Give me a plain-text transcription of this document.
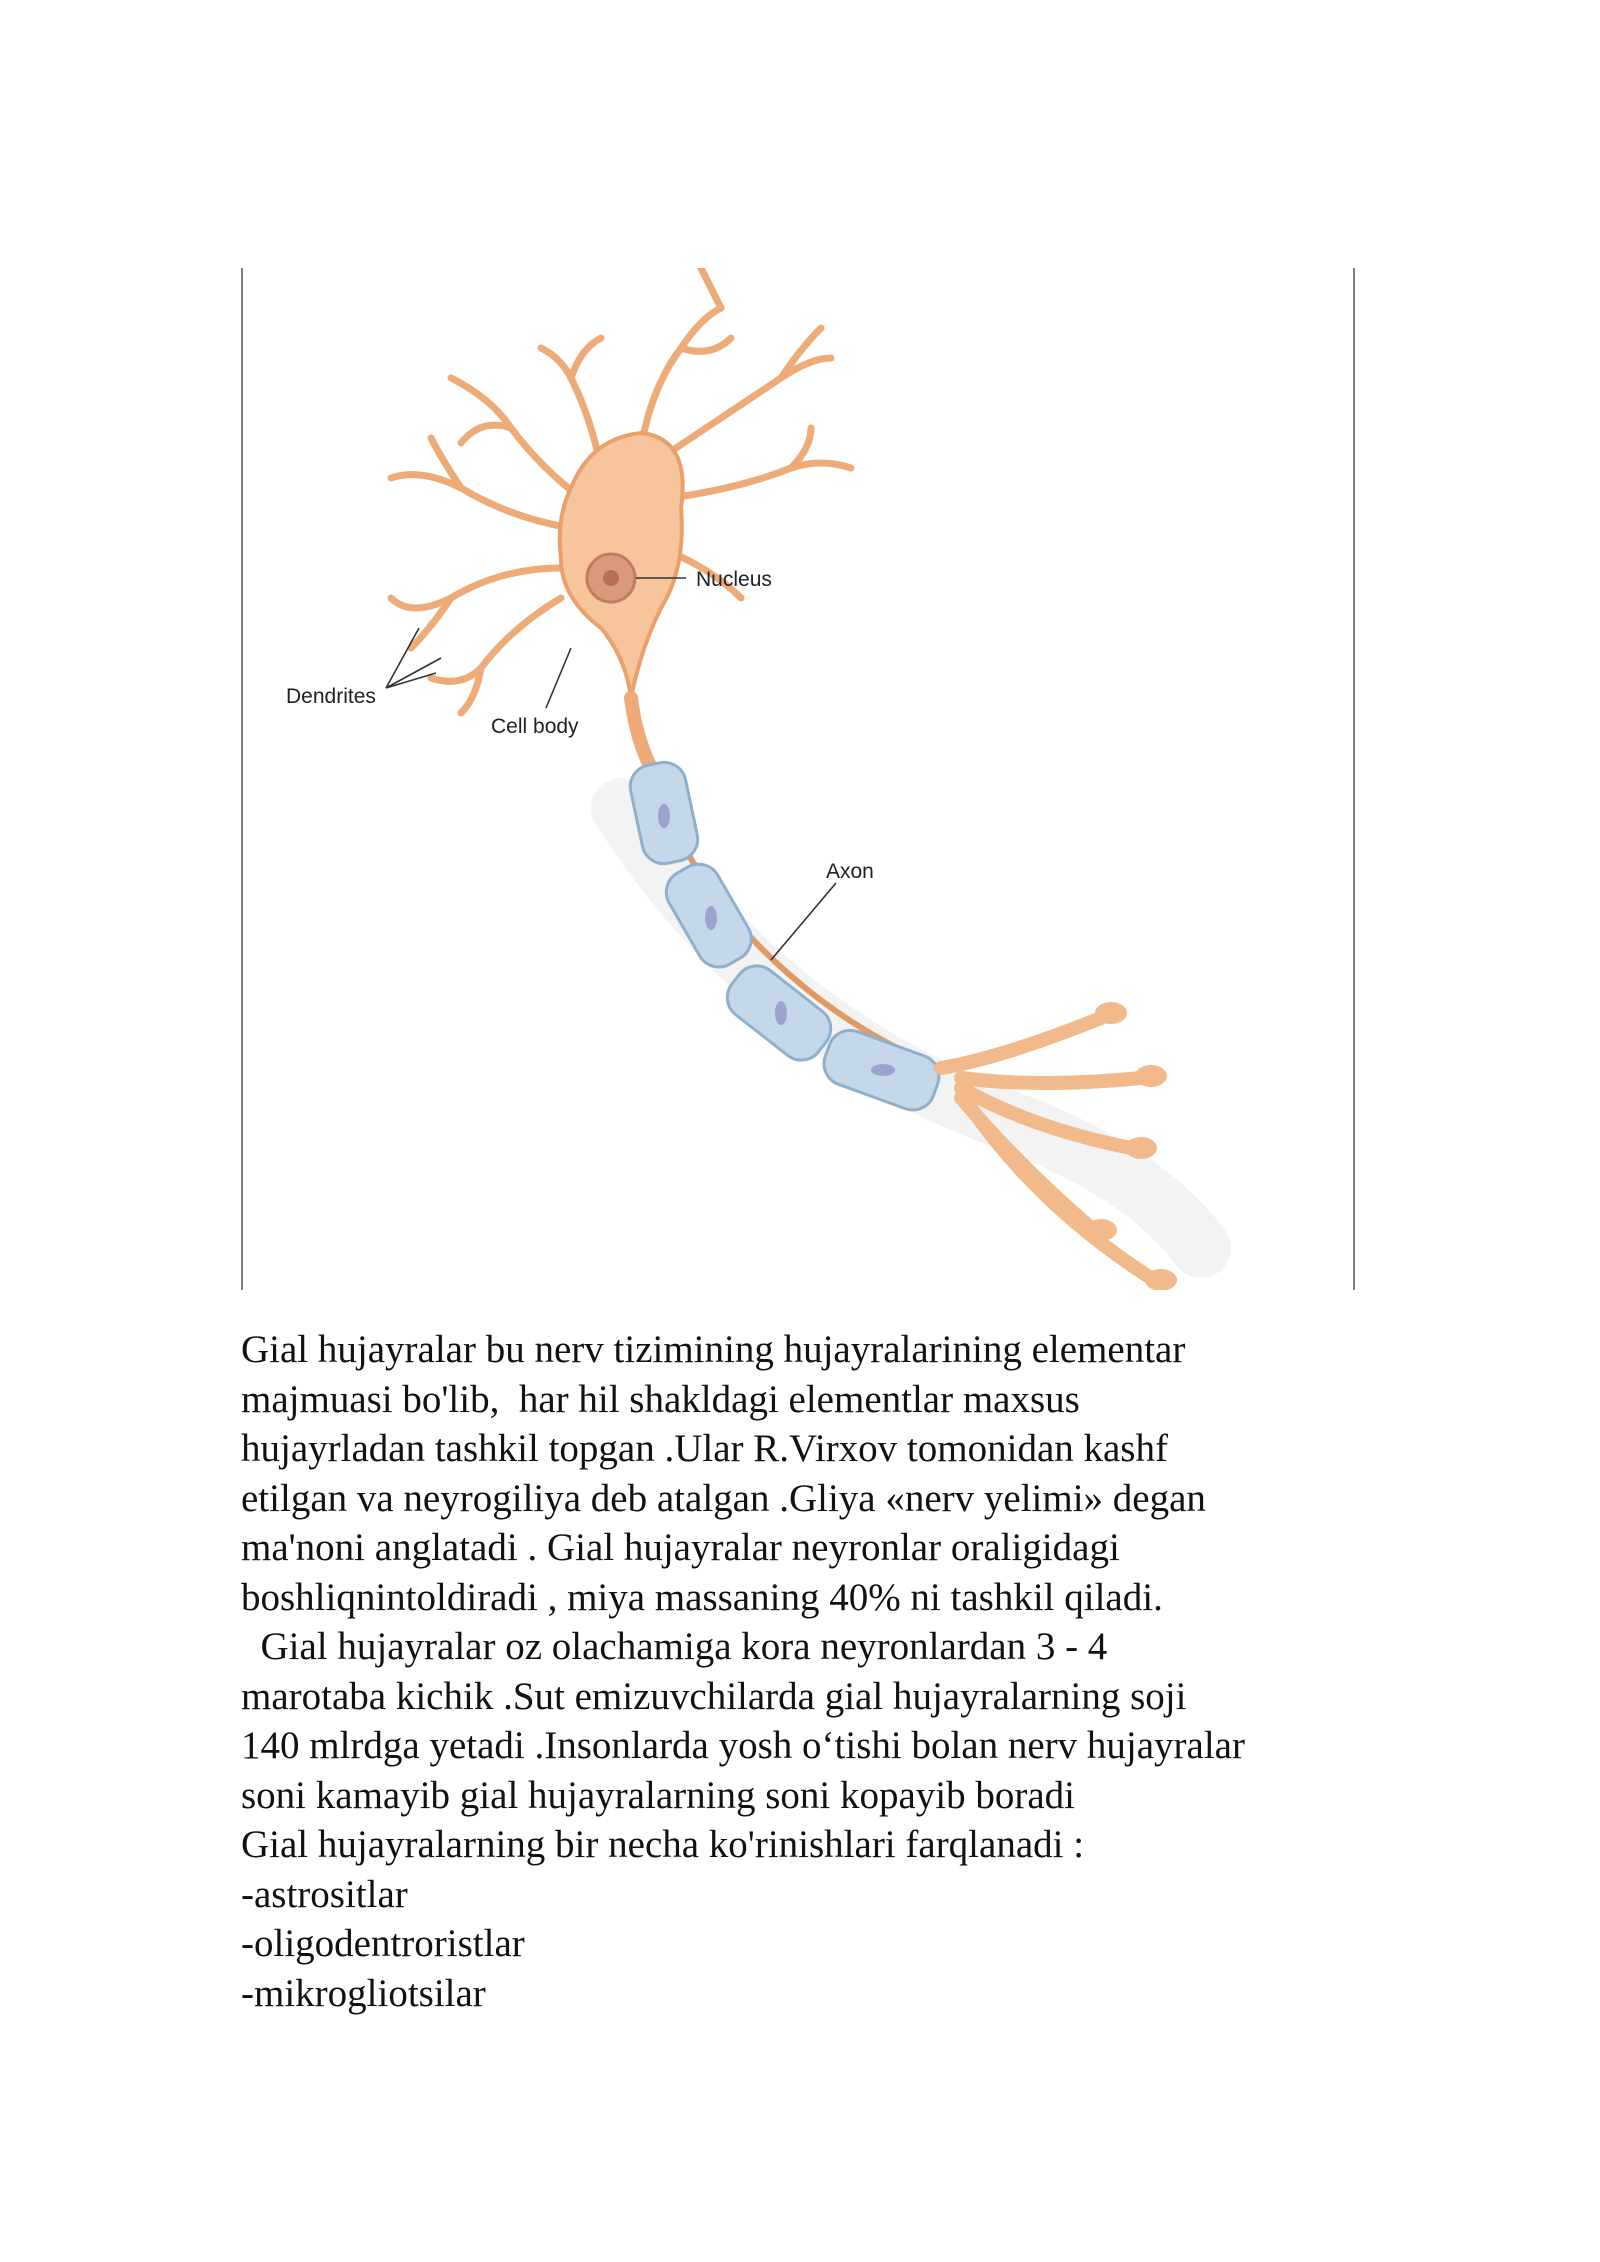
Nucleus
Dendrites
Cell body
Axon
Gial hujayralar bu nerv tizimining hujayralarining elementar
majmuasi bo'lib,  har hil shakldagi elementlar maxsus
hujayrladan tashkil topgan .Ular R.Virxov tomonidan kashf
etilgan va neyrogiliya deb atalgan .Gliya «nerv yelimi» degan
ma'noni anglatadi . Gial hujayralar neyronlar oraligidagi
boshliqnintoldiradi , miya massaning 40% ni tashkil qiladi.
Gial hujayralar oz olachamiga kora neyronlardan 3 - 4
marotaba kichik .Sut emizuvchilarda gial hujayralarning soji
140 mlrdga yetadi .Insonlarda yosh o‘tishi bolan nerv hujayralar
soni kamayib gial hujayralarning soni kopayib boradi
Gial hujayralarning bir necha ko'rinishlari farqlanadi :
-astrositlar
-oligodentroristlar
-mikrogliotsilar
